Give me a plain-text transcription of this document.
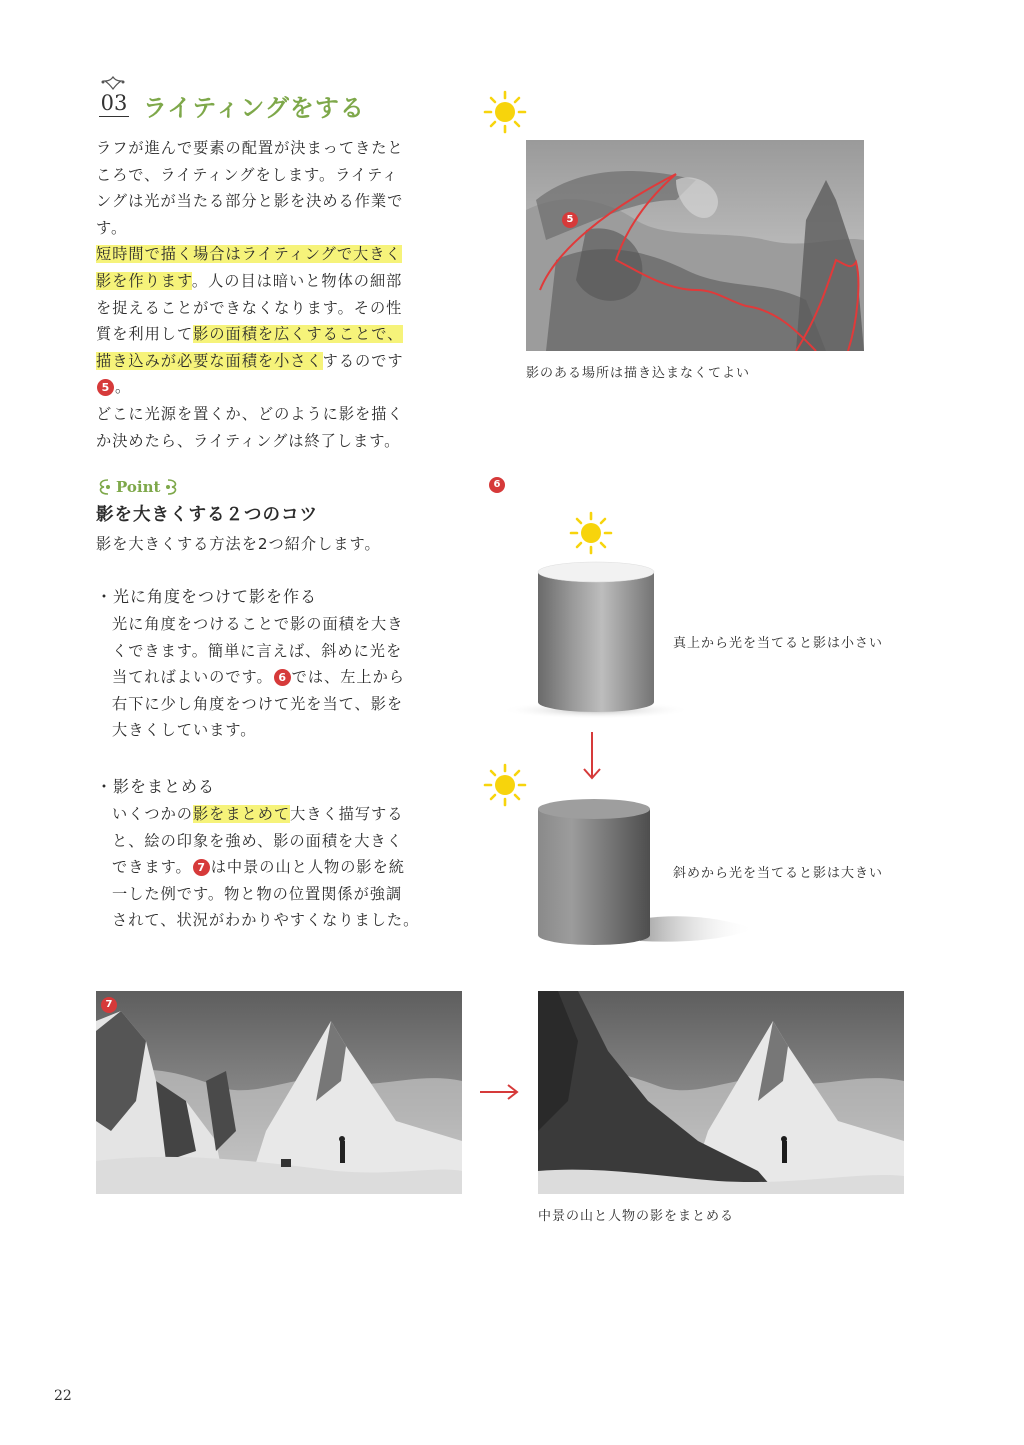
03 ライティングをする

ラフが進んで要素の配置が決まってきたと

ころで、ライティングをします。ライティ

ングは光が当たる部分と影を決める作業で

す。

短時間で描く場合はライティングで大きく

影を作ります。人の目は暗いと物体の細部

を捉えることができなくなります。その性

質を利用して影の面積を広くすることで、

描き込みが必要な面積を小さくするのです

5 。

どこに光源を置くか、どのように影を描く

か決めたら、ライティングは終了します。

Point
影を大きくする２つのコツ
影を大きくする方法を2つ紹介します。
・光に角度をつけて影を作る

光に角度をつけることで影の面積を大き

くできます。簡単に言えば、斜めに光を

当てればよいのです。 6 では、左上から

右下に少し角度をつけて光を当て、影を

大きくしています。

・影をまとめる

いくつかの影をまとめて大きく描写する

と、絵の印象を強め、影の面積を大きく

できます。 7 は中景の山と人物の影を統

一した例です。物と物の位置関係が強調

されて、状況がわかりやすくなりました。

5
影のある場所は描き込まなくてよい
6
真上から光を当てると影は小さい
斜めから光を当てると影は大きい
7
中景の山と人物の影をまとめる
22
